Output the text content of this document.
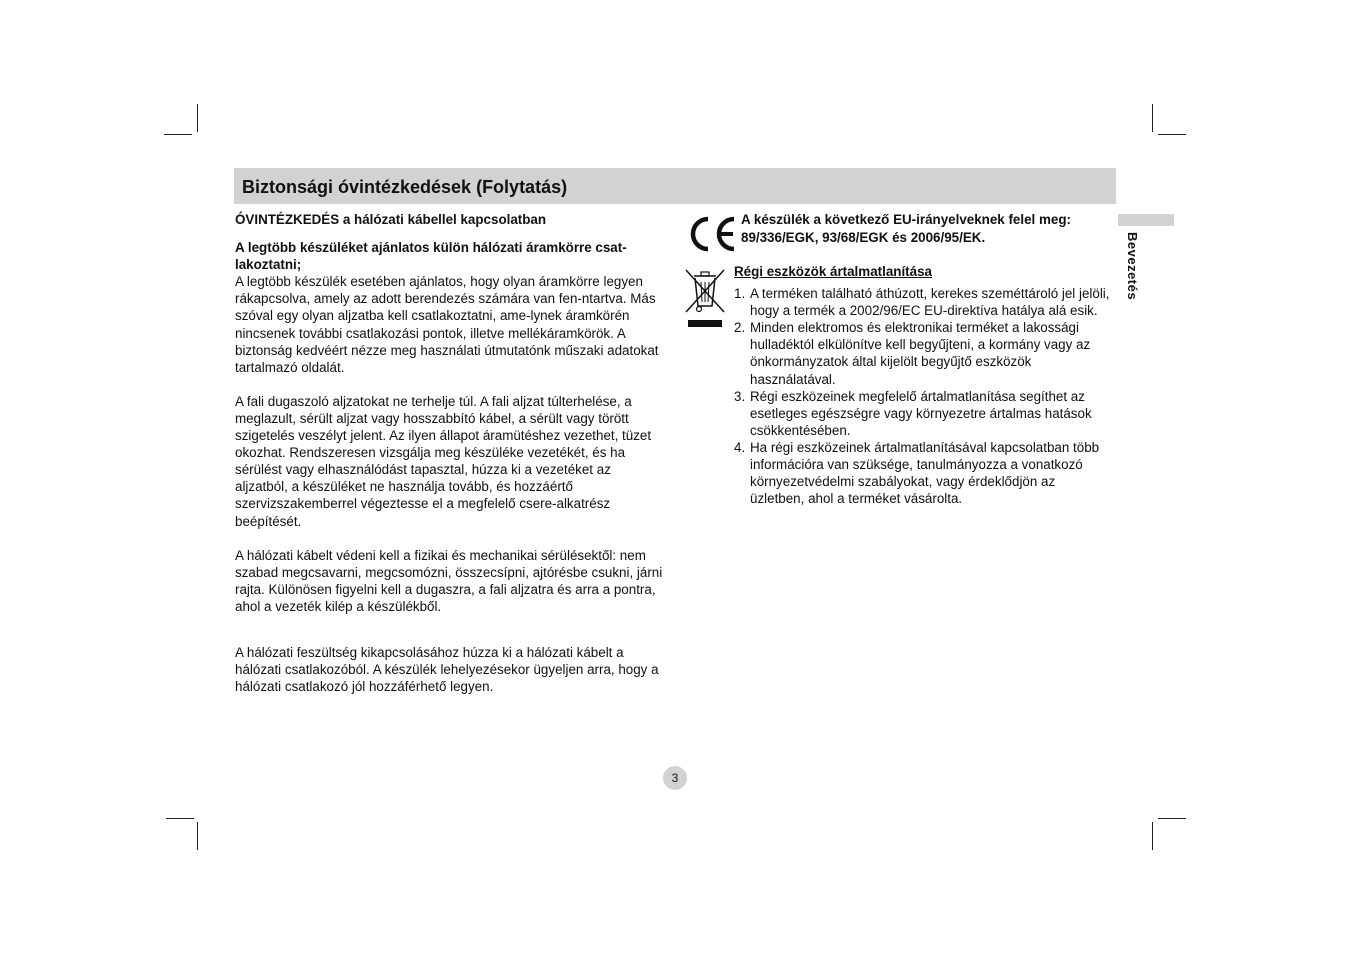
Biztonsági óvintézkedések (Folytatás)
Bevezetés

ÓVINTÉZKEDÉS a hálózati kábellel kapcsolatban

A legtöbb készüléket ajánlatos külön hálózati áramkörre csat-lakoztatni;

A legtöbb készülék esetében ajánlatos, hogy olyan áramkörre legyen rákapcsolva, amely az adott berendezés számára van fen-ntartva. Más szóval egy olyan aljzatba kell csatlakoztatni, ame-lynek áramkörén nincsenek további csatlakozási pontok, illetve mellékáramkörök. A biztonság kedvéért nézze meg használati útmutatónk műszaki adatokat tartalmazó oldalát.

A fali dugaszoló aljzatokat ne terhelje túl. A fali aljzat túlterhelése, a meglazult, sérült aljzat vagy hosszabbító kábel, a sérült vagy törött szigetelés veszélyt jelent. Az ilyen állapot áramütéshez vezethet, tüzet okozhat. Rendszeresen vizsgálja meg készüléke vezetékét, és ha sérülést vagy elhasználódást tapasztal, húzza ki a vezetéket az aljzatból, a készüléket ne használja tovább, és hozzáértő szervizszakemberrel végeztesse el a megfelelő csere-alkatrész beépítését.

A hálózati kábelt védeni kell a fizikai és mechanikai sérülésektől: nem szabad megcsavarni, megcsomózni, összecsípni, ajtórésbe csukni, járni rajta. Különösen figyelni kell a dugaszra, a fali aljzatra és arra a pontra, ahol a vezeték kilép a készülékből.

A hálózati feszültség kikapcsolásához húzza ki a hálózati kábelt a hálózati csatlakozóból. A készülék lehelyezésekor ügyeljen arra, hogy a hálózati csatlakozó jól hozzáférhető legyen.

A készülék a következő EU-irányelveknek felel meg: 89/336/EGK, 93/68/EGK és 2006/95/EK.

Régi eszközök ártalmatlanítása

1. A terméken található áthúzott, kerekes szeméttároló jel jelöli, hogy a termék a 2002/96/EC EU-direktíva hatálya alá esik.
2. Minden elektromos és elektronikai terméket a lakossági hulladéktól elkülönítve kell begyűjteni, a kormány vagy az önkormányzatok által kijelölt begyűjtő eszközök használatával.
3. Régi eszközeinek megfelelő ártalmatlanítása segíthet az esetleges egészségre vagy környezetre ártalmas hatások csökkentésében.
4. Ha régi eszközeinek ártalmatlanításával kapcsolatban több információra van szüksége, tanulmányozza a vonatkozó környezetvédelmi szabályokat, vagy érdeklődjön az üzletben, ahol a terméket vásárolta.
3
